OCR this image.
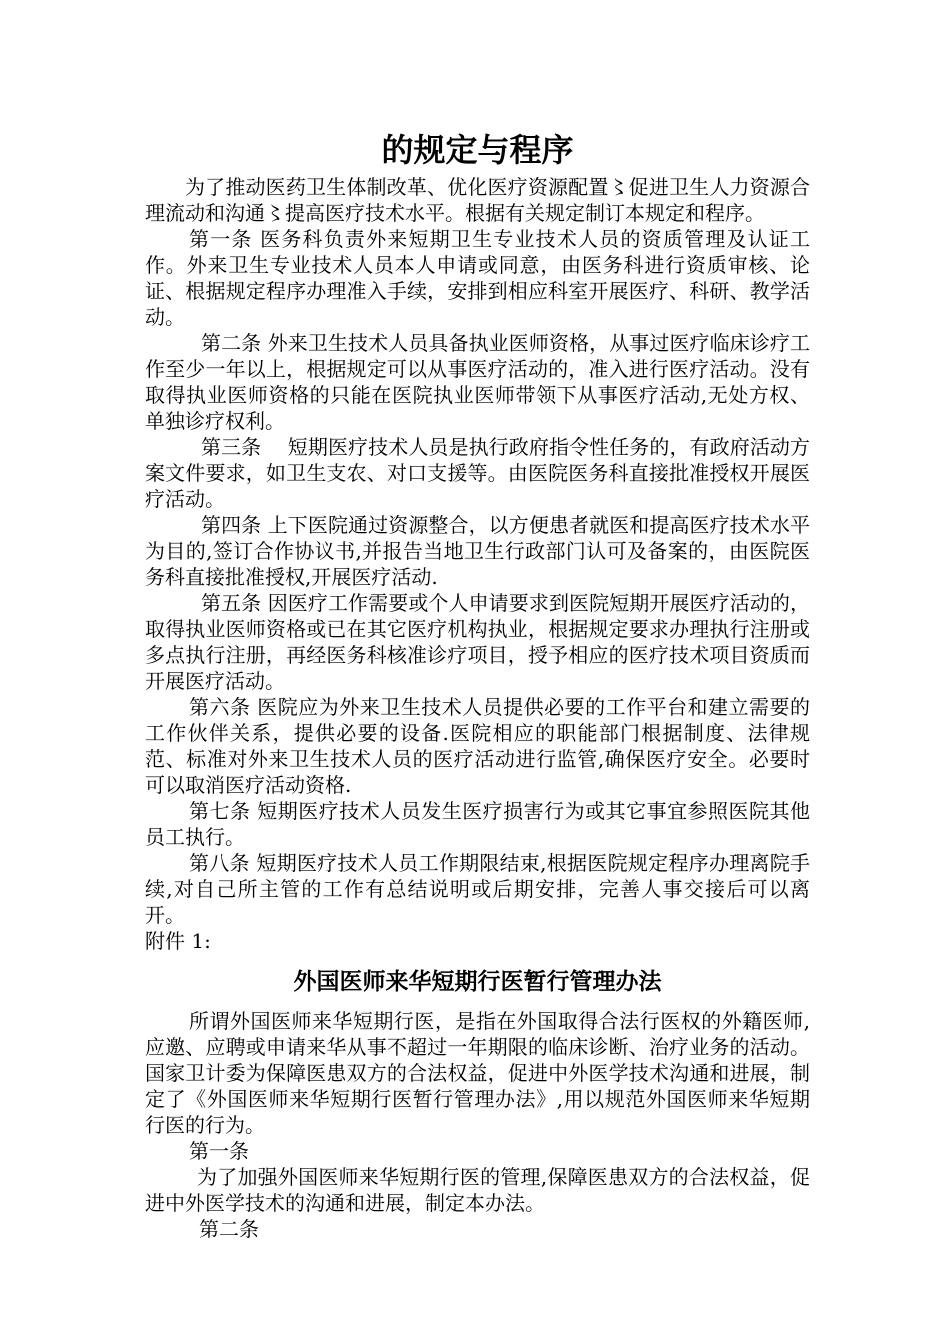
的规定与程序

为了推动医药卫生体制改革、优化医疗资源配置〻促进卫生人力资源合理流动和沟通〻提高医疗技术水平。根据有关规定制订本规定和程序。

第一条 医务科负责外来短期卫生专业技术人员的资质管理及认证工作。外来卫生专业技术人员本人申请或同意，由医务科进行资质审核、论证、根据规定程序办理准入手续，安排到相应科室开展医疗、科研、教学活动。

第二条 外来卫生技术人员具备执业医师资格，从事过医疗临床诊疗工作至少一年以上，根据规定可以从事医疗活动的，准入进行医疗活动。没有取得执业医师资格的只能在医院执业医师带领下从事医疗活动,无处方权、单独诊疗权利。

第三条　 短期医疗技术人员是执行政府指令性任务的，有政府活动方案文件要求，如卫生支农、对口支援等。由医院医务科直接批准授权开展医疗活动。

第四条 上下医院通过资源整合，以方便患者就医和提高医疗技术水平为目的,签订合作协议书,并报告当地卫生行政部门认可及备案的，由医院医务科直接批准授权,开展医疗活动.

第五条 因医疗工作需要或个人申请要求到医院短期开展医疗活动的，取得执业医师资格或已在其它医疗机构执业，根据规定要求办理执行注册或多点执行注册，再经医务科核准诊疗项目，授予相应的医疗技术项目资质而开展医疗活动。

第六条 医院应为外来卫生技术人员提供必要的工作平台和建立需要的工作伙伴关系，提供必要的设备.医院相应的职能部门根据制度、法律规范、标准对外来卫生技术人员的医疗活动进行监管,确保医疗安全。必要时可以取消医疗活动资格.

第七条 短期医疗技术人员发生医疗损害行为或其它事宜参照医院其他员工执行。

第八条 短期医疗技术人员工作期限结束,根据医院规定程序办理离院手续,对自己所主管的工作有总结说明或后期安排，完善人事交接后可以离开。

附件 1:

外国医师来华短期行医暂行管理办法

所谓外国医师来华短期行医，是指在外国取得合法行医权的外籍医师,应邀、应聘或申请来华从事不超过一年期限的临床诊断、治疗业务的活动。国家卫计委为保障医患双方的合法权益，促进中外医学技术沟通和进展，制定了《外国医师来华短期行医暂行管理办法》,用以规范外国医师来华短期行医的行为。

第一条

为了加强外国医师来华短期行医的管理,保障医患双方的合法权益，促进中外医学技术的沟通和进展，制定本办法。

第二条
